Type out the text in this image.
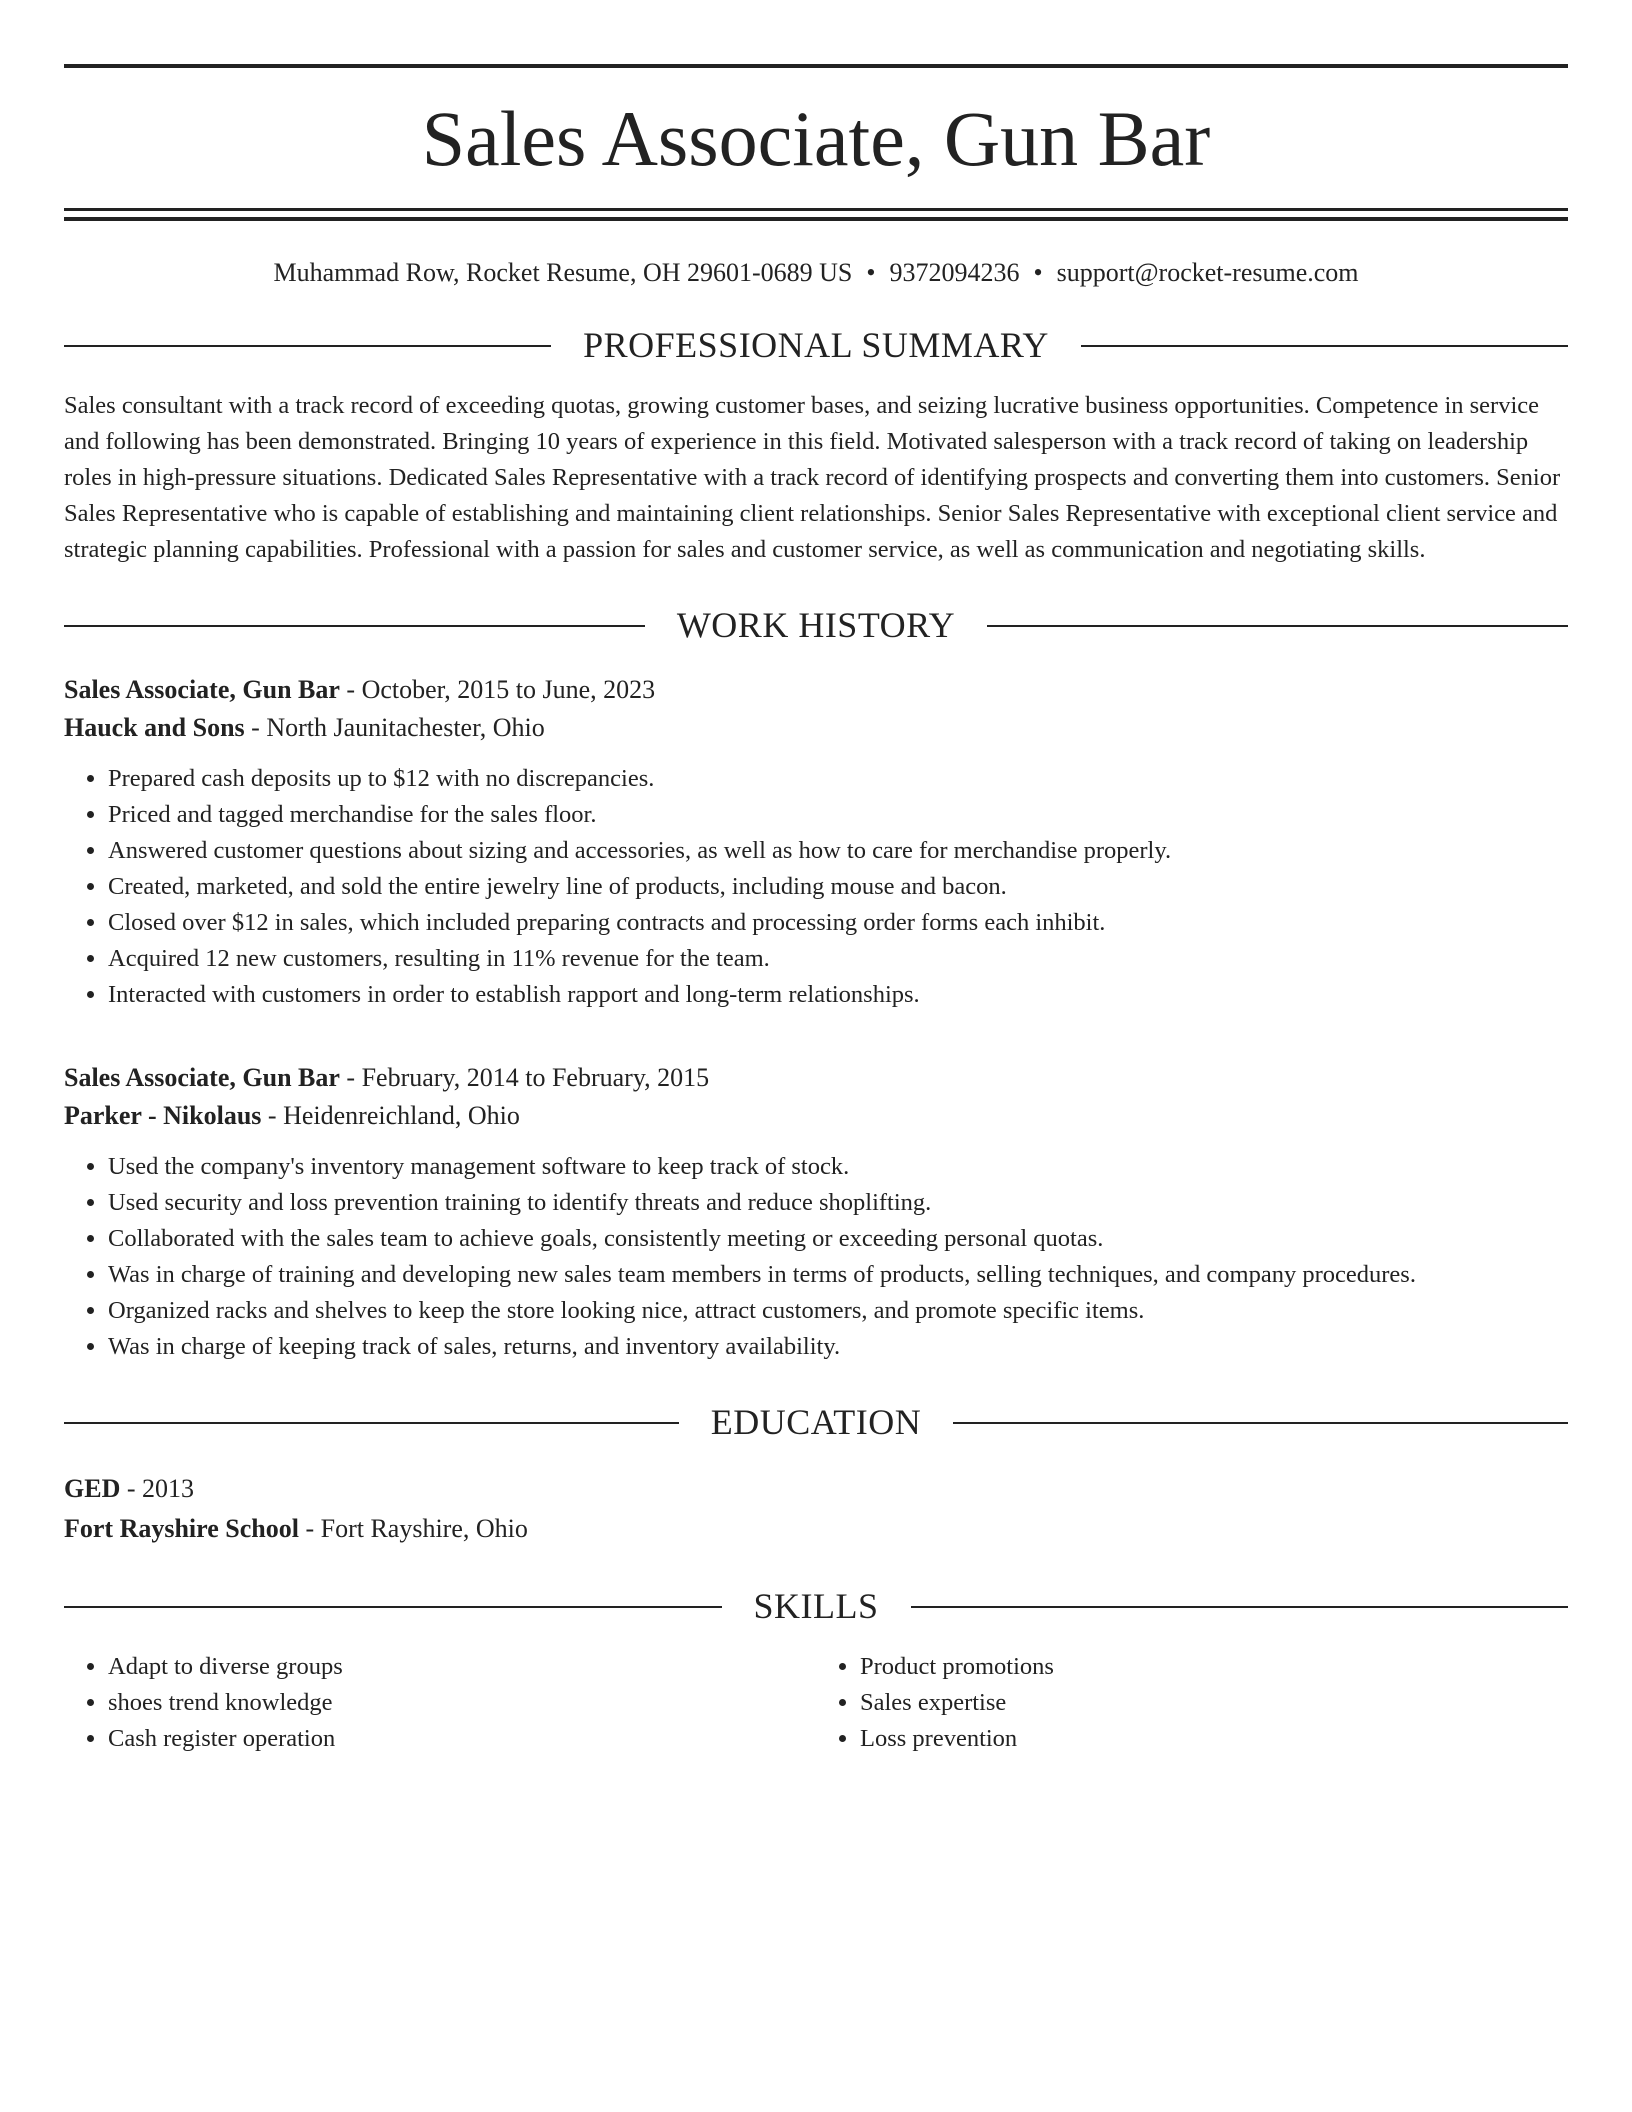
Sales Associate, Gun Bar
Muhammad Row, Rocket Resume, OH 29601-0689 US • 9372094236 • support@rocket-resume.com
PROFESSIONAL SUMMARY
Sales consultant with a track record of exceeding quotas, growing customer bases, and seizing lucrative business opportunities. Competence in service and following has been demonstrated. Bringing 10 years of experience in this field. Motivated salesperson with a track record of taking on leadership roles in high-pressure situations. Dedicated Sales Representative with a track record of identifying prospects and converting them into customers. Senior Sales Representative who is capable of establishing and maintaining client relationships. Senior Sales Representative with exceptional client service and strategic planning capabilities. Professional with a passion for sales and customer service, as well as communication and negotiating skills.
WORK HISTORY
Sales Associate, Gun Bar - October, 2015 to June, 2023
Hauck and Sons - North Jaunitachester, Ohio
• Prepared cash deposits up to $12 with no discrepancies.
• Priced and tagged merchandise for the sales floor.
• Answered customer questions about sizing and accessories, as well as how to care for merchandise properly.
• Created, marketed, and sold the entire jewelry line of products, including mouse and bacon.
• Closed over $12 in sales, which included preparing contracts and processing order forms each inhibit.
• Acquired 12 new customers, resulting in 11% revenue for the team.
• Interacted with customers in order to establish rapport and long-term relationships.
Sales Associate, Gun Bar - February, 2014 to February, 2015
Parker - Nikolaus - Heidenreichland, Ohio
• Used the company's inventory management software to keep track of stock.
• Used security and loss prevention training to identify threats and reduce shoplifting.
• Collaborated with the sales team to achieve goals, consistently meeting or exceeding personal quotas.
• Was in charge of training and developing new sales team members in terms of products, selling techniques, and company procedures.
• Organized racks and shelves to keep the store looking nice, attract customers, and promote specific items.
• Was in charge of keeping track of sales, returns, and inventory availability.
EDUCATION
GED - 2013
Fort Rayshire School - Fort Rayshire, Ohio
SKILLS
• Adapt to diverse groups
• shoes trend knowledge
• Cash register operation
• Product promotions
• Sales expertise
• Loss prevention
